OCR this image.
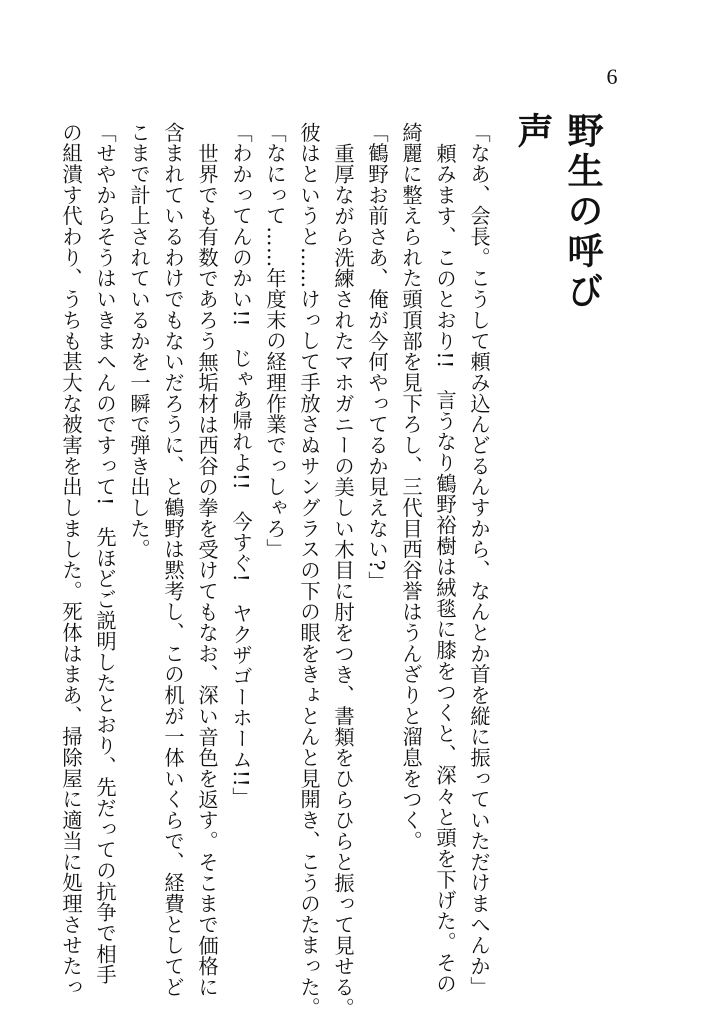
6
野生の呼び声
「なあ、会長。こうして頼み込んどるんすから、なんとか首を縦に振っていただけまへんか」
頼みます、このとおり!!　言うなり鶴野裕樹は絨毯に膝をつくと、深々と頭を下げた。その
綺麗に整えられた頭頂部を見下ろし、三代目西谷誉はうんざりと溜息をつく。
「鶴野お前さあ、俺が今何やってるか見えない?」
重厚ながら洗練されたマホガニーの美しい木目に肘をつき、書類をひらひらと振って見せる。
彼はというと……けっして手放さぬサングラスの下の眼をきょとんと見開き、こうのたまった。
「なにって……年度末の経理作業でっしゃろ」
「わかってんのかい!!　じゃあ帰れよ!!　今すぐ!　ヤクザゴーホーム!!」
世界でも有数であろう無垢材は西谷の拳を受けてもなお、深い音色を返す。そこまで価格に
含まれているわけでもないだろうに、と鶴野は黙考し、この机が一体いくらで、経費としてど
こまで計上されているかを一瞬で弾き出した。
「せやからそうはいきまへんのですって!　先ほどご説明したとおり、先だっての抗争で相手
の組潰す代わり、うちも甚大な被害を出しました。死体はまあ、掃除屋に適当に処理させたっ
